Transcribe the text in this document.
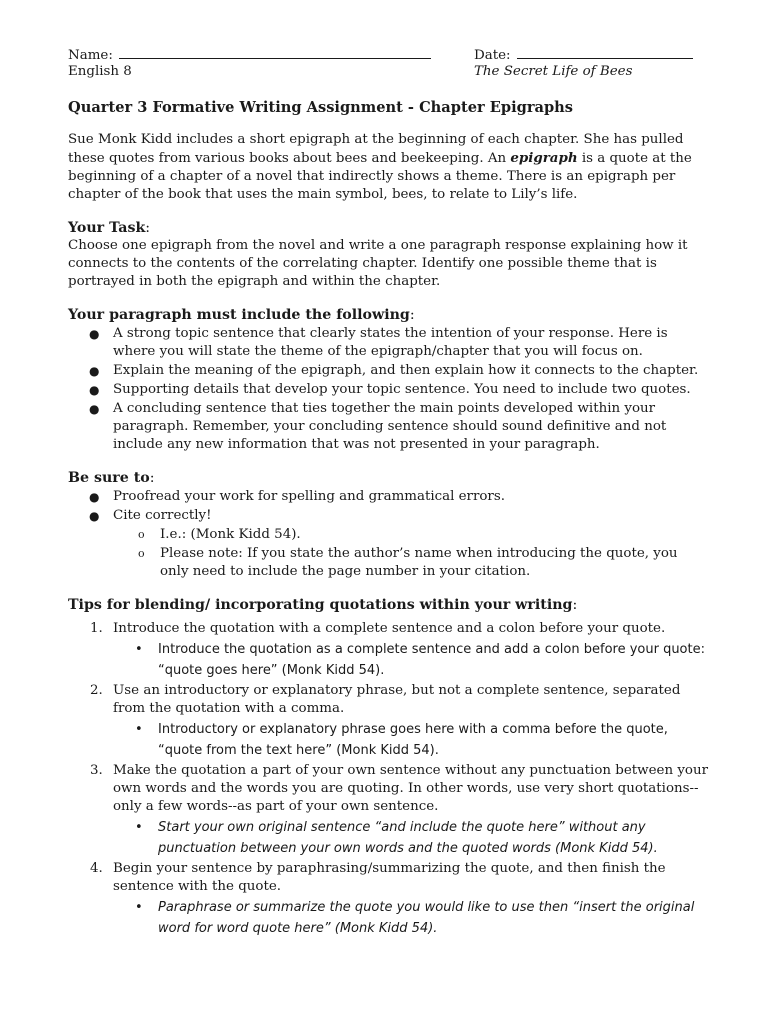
Name:	Date:
English 8	The Secret Life of Bees
Quarter 3 Formative Writing Assignment - Chapter Epigraphs

Sue Monk Kidd includes a short epigraph at the beginning of each chapter. She has pulled these quotes from various books about bees and beekeeping. An epigraph is a quote at the beginning of a chapter of a novel that indirectly shows a theme. There is an epigraph per chapter of the book that uses the main symbol, bees, to relate to Lily’s life.

Your Task:

Choose one epigraph from the novel and write a one paragraph response explaining how it connects to the contents of the correlating chapter. Identify one possible theme that is portrayed in both the epigraph and within the chapter.

Your paragraph must include the following:
● A strong topic sentence that clearly states the intention of your response. Here is where you will state the theme of the epigraph/chapter that you will focus on.
● Explain the meaning of the epigraph, and then explain how it connects to the chapter.
● Supporting details that develop your topic sentence. You need to include two quotes.
● A concluding sentence that ties together the main points developed within your paragraph. Remember, your concluding sentence should sound definitive and not include any new information that was not presented in your paragraph.
Be sure to:
● Proofread your work for spelling and grammatical errors.
● Cite correctly!
o I.e.: (Monk Kidd 54).
o Please note: If you state the author’s name when introducing the quote, you only need to include the page number in your citation.
Tips for blending/ incorporating quotations within your writing:
1. Introduce the quotation with a complete sentence and a colon before your quote.
• Introduce the quotation as a complete sentence and add a colon before your quote: “quote goes here” (Monk Kidd 54).
2. Use an introductory or explanatory phrase, but not a complete sentence, separated from the quotation with a comma.
• Introductory or explanatory phrase goes here with a comma before the quote, “quote from the text here” (Monk Kidd 54).
3. Make the quotation a part of your own sentence without any punctuation between your own words and the words you are quoting. In other words, use very short quotations--only a few words--as part of your own sentence.
• Start your own original sentence “and include the quote here” without any punctuation between your own words and the quoted words (Monk Kidd 54).
4. Begin your sentence by paraphrasing/summarizing the quote, and then finish the sentence with the quote.
• Paraphrase or summarize the quote you would like to use then “insert the original word for word quote here” (Monk Kidd 54).
